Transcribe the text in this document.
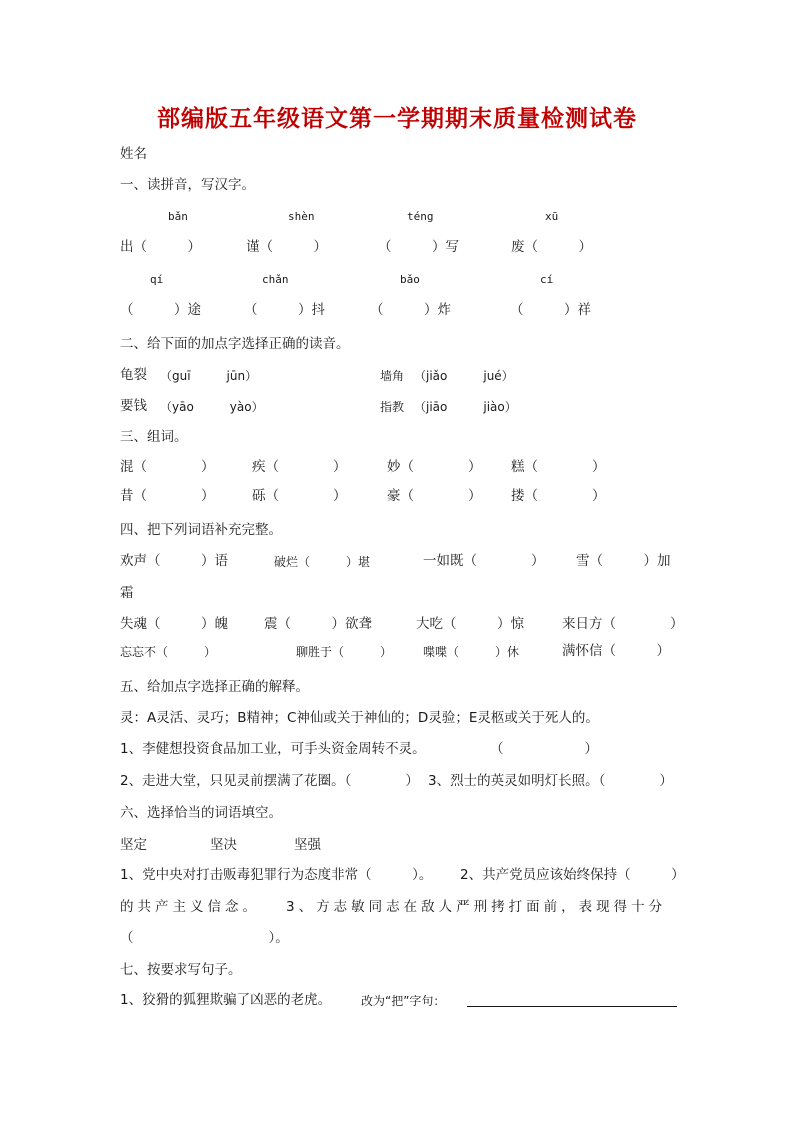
部编版五年级语文第一学期期末质量检测试卷
姓名
一、读拼音，写汉字。
bǎn	shèn	téng	xū
出（　　　）	谨（　　　）	（　　　）写	废（　　　）
qí	chǎn	bǎo	cí
（　　　）途	（　　　）抖	（　　　）炸	（　　　）祥
二、给下面的加点字选择正确的读音。
龟裂 （guī　　　jūn）	墙角 （jiǎo　　　jué）
要钱 （yāo　　　yào）	指教 （jiāo　　　jiào）
三、组词。
混（　　　　）	疾（　　　　）	妙（　　　　） 糕（　　　　）
昔（　　　　）	砾（　　　　）	豪（　　　　） 搂（　　　　）
四、把下列词语补充完整。
欢声（　　　）语	破烂（　　　）堪	一如既（　　　　） 雪（　　　）加
霜
失魂（　　　）魄	震（　　　）欲聋	大吃（　　　）惊	来日方（　　　　）
忘忘不（　　　）	聊胜于（　　　）	喋喋（　　　）休	满怀信（　　　）
五、给加点字选择正确的解释。
灵：A灵活、灵巧；B精神；C神仙或关于神仙的；D灵验；E灵柩或关于死人的。
1、李健想投资食品加工业，可手头资金周转不灵。	（　　　　　　）
2、走进大堂，只见灵前摆满了花圈。（　　　　） 3、烈士的英灵如明灯长照。（　　　　）
六、选择恰当的词语填空。
坚定	坚决	坚强
1、党中央对打击贩毒犯罪行为态度非常（　　　）。 2、共产党员应该始终保持（　　　）
的共产主义信念。 3、方志敏同志在敌人严刑拷打面前，表现得十分
（　　　　　　　　　　）。
七、按要求写句子。
1、狡猾的狐狸欺骗了凶恶的老虎。 改为“把”字句：
